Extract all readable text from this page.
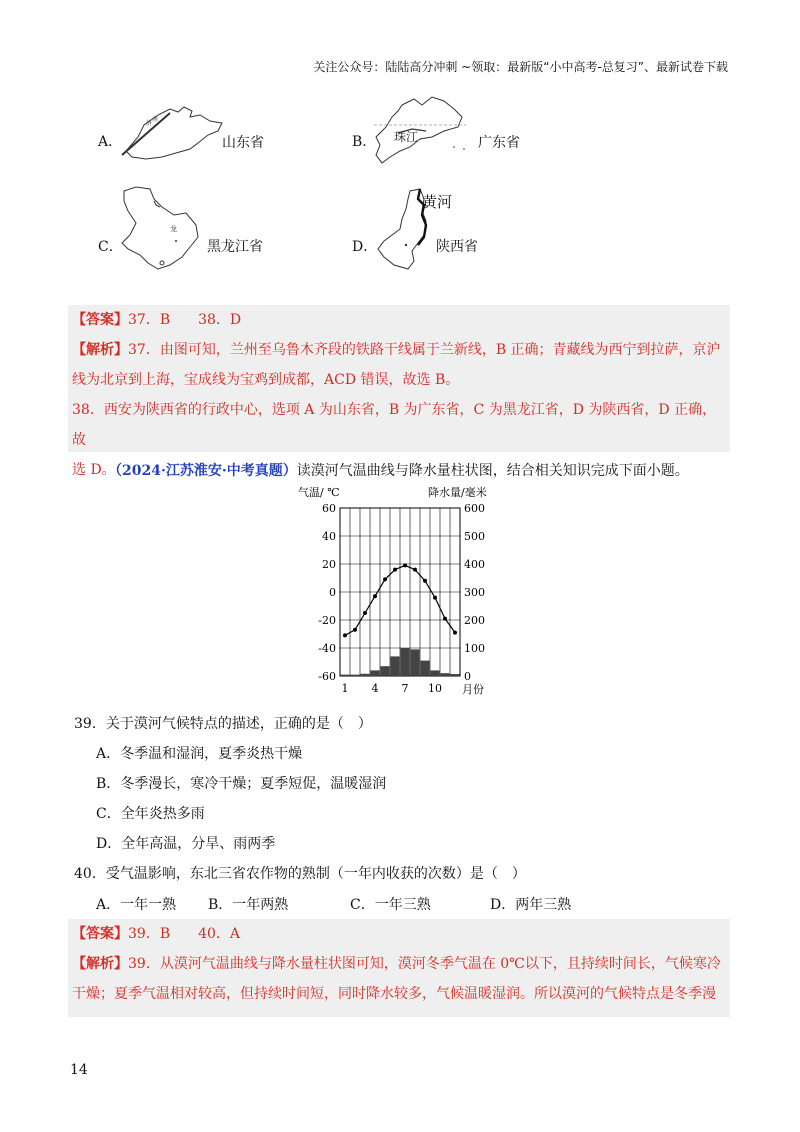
关注公众号：陆陆高分冲刺 ~领取：最新版“小中高考-总复习”、最新试卷下载
A．
济
南
山东省	B． 珠江	广东省
C．
龙
黑龙江省	D．
黄河
陕西省
【答案】37．B　　38．D
【解析】37．由图可知，兰州至乌鲁木齐段的铁路干线属于兰新线，B 正确；青藏线为西宁到拉萨，京沪
线为北京到上海，宝成线为宝鸡到成都，ACD 错误，故选 B。
38．西安为陕西省的行政中心，选项 A 为山东省，B 为广东省，C 为黑龙江省，D 为陕西省，D 正确，故
选 D。
（2024·江苏淮安·中考真题）读漠河气温曲线与降水量柱状图，结合相关知识完成下面小题。
气温/ ℃	降水量/毫米
60
40
20
0
-20
-40
-60
600
500
400
300
200
100
0
1 4 7 10 月份
39．关于漠河气候特点的描述，正确的是（　）
A．冬季温和湿润，夏季炎热干燥
B．冬季漫长，寒冷干燥；夏季短促，温暖湿润
C．全年炎热多雨
D．全年高温，分旱、雨两季
40．受气温影响，东北三省农作物的熟制（一年内收获的次数）是（　）
A．一年一熟 B．一年两熟	C．一年三熟	D．两年三熟
【答案】39．B　　40．A
【解析】39．从漠河气温曲线与降水量柱状图可知，漠河冬季气温在 0℃以下，且持续时间长，气候寒冷
干燥；夏季气温相对较高，但持续时间短，同时降水较多，气候温暖湿润。所以漠河的气候特点是冬季漫
14
